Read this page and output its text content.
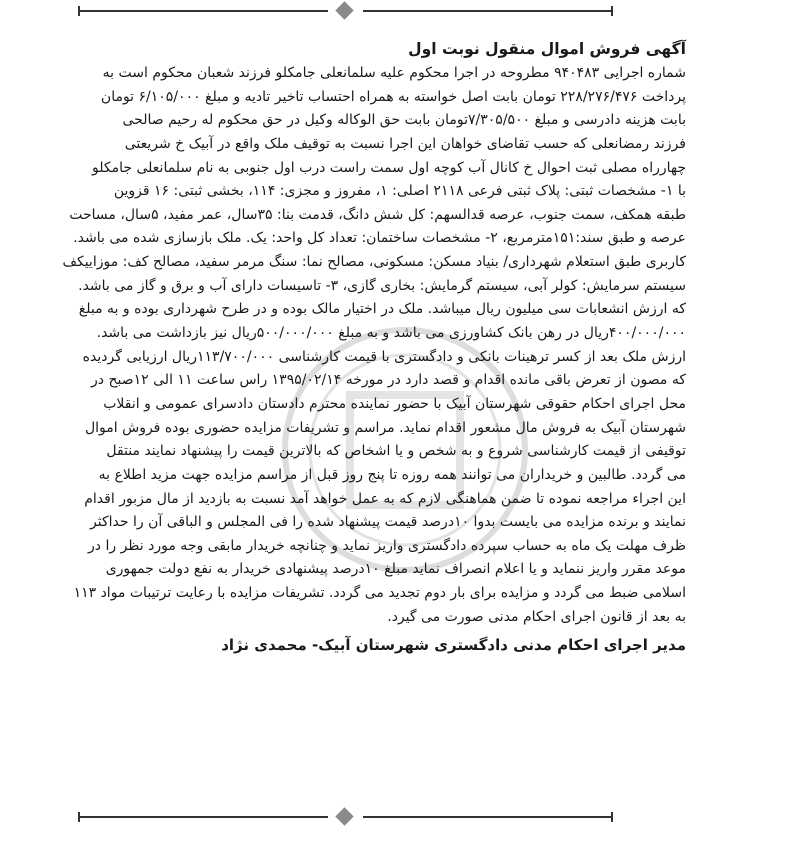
آگهی فروش اموال منقول نوبت اول
شماره اجرایی ۹۴۰۴۸۳ مطروحه در اجرا محکوم علیه سلمانعلی جامکلو فرزند شعبان محکوم است به
پرداخت ۲۲۸/۲۷۶/۴۷۶ تومان بابت اصل خواسته به همراه احتساب تاخیر تادیه و مبلغ ۶/۱۰۵/۰۰۰ تومان
بابت هزینه دادرسی و مبلغ ۷/۳۰۵/۵۰۰تومان بابت حق الوکاله وکیل در حق محکوم له رحیم صالحی
فرزند رمضانعلی که حسب تقاضای خواهان این اجرا نسبت به توقیف ملک واقع در آبیک خ شریعتی
چهارراه مصلی ثبت احوال خ کانال آب کوچه اول سمت راست درب اول جنوبی به نام سلمانعلی جامکلو
با ۱- مشخصات ثبتی: پلاک ثبتی فرعی ۲۱۱۸ اصلی: ۱، مفروز و مجزی: ۱۱۴، بخشی ثبتی: ۱۶ قزوین
طبقه همکف، سمت جنوب، عرصه قدالسهم: کل شش دانگ، قدمت بنا: ۳۵سال، عمر مفید، ۵سال، مساحت
عرصه و طبق سند:۱۵۱مترمربع، ۲- مشخصات ساختمان: تعداد کل واحد: یک. ملک بازسازی شده می باشد.
کاربری طبق استعلام شهرداری/ بنیاد مسکن: مسکونی، مصالح نما: سنگ مرمر سفید، مصالح کف: موزاییکف
سیستم سرمایش: کولر آبی، سیستم گرمایش: بخاری گازی، ۳- تاسیسات دارای آب و برق و گاز می باشد.
که ارزش انشعابات سی میلیون ریال میباشد. ملک در اختیار مالک بوده و در طرح شهرداری بوده و به مبلغ
۴۰۰/۰۰۰/۰۰۰ریال در رهن بانک کشاورزی می باشد و به مبلغ ۵۰۰/۰۰۰/۰۰۰ریال نیز بازداشت می باشد.
ارزش ملک بعد از کسر ترهینات بانکی و دادگستری با قیمت کارشناسی ۱۱۳/۷۰۰/۰۰۰ریال ارزیابی گردیده
که مصون از تعرض باقی مانده اقدام و قصد دارد در مورخه ۱۳۹۵/۰۲/۱۴ راس ساعت ۱۱ الی ۱۲صبح در
محل اجرای احکام حقوقی شهرستان آبیک با حضور نماینده محترم دادستان دادسرای عمومی و انقلاب
شهرستان آبیک به فروش مال مشعور اقدام نماید. مراسم و تشریفات مزایده حضوری بوده فروش اموال
توقیفی از قیمت کارشناسی شروع و به شخص و یا اشخاص که بالاترین قیمت را پیشنهاد نمایند منتقل
می گردد. طالبین و خریداران می توانند همه روزه تا پنج روز قبل از مراسم مزایده جهت مزید اطلاع به
این اجراء مراجعه نموده تا ضمن هماهنگی لازم که به عمل خواهد آمد نسبت به بازدید از مال مزبور اقدام
نمایند و برنده مزایده می بایست بدوا ۱۰درصد قیمت پیشنهاد شده را فی المجلس و الباقی آن را حداکثر
ظرف مهلت یک ماه به حساب سپرده دادگستری واریز نماید و چنانچه خریدار مابقی وجه مورد نظر را در
موعد مقرر واریز ننماید و یا اعلام انصراف نماید مبلغ ۱۰درصد پیشنهادی خریدار به نفع دولت جمهوری
اسلامی ضبط می گردد و مزایده برای بار دوم تجدید می گردد. تشریفات مزایده با رعایت ترتیبات مواد ۱۱۳
به بعد از قانون اجرای احکام مدنی صورت می گیرد.
مدیر اجرای احکام مدنی دادگستری شهرستان آبیک- محمدی نژاد
